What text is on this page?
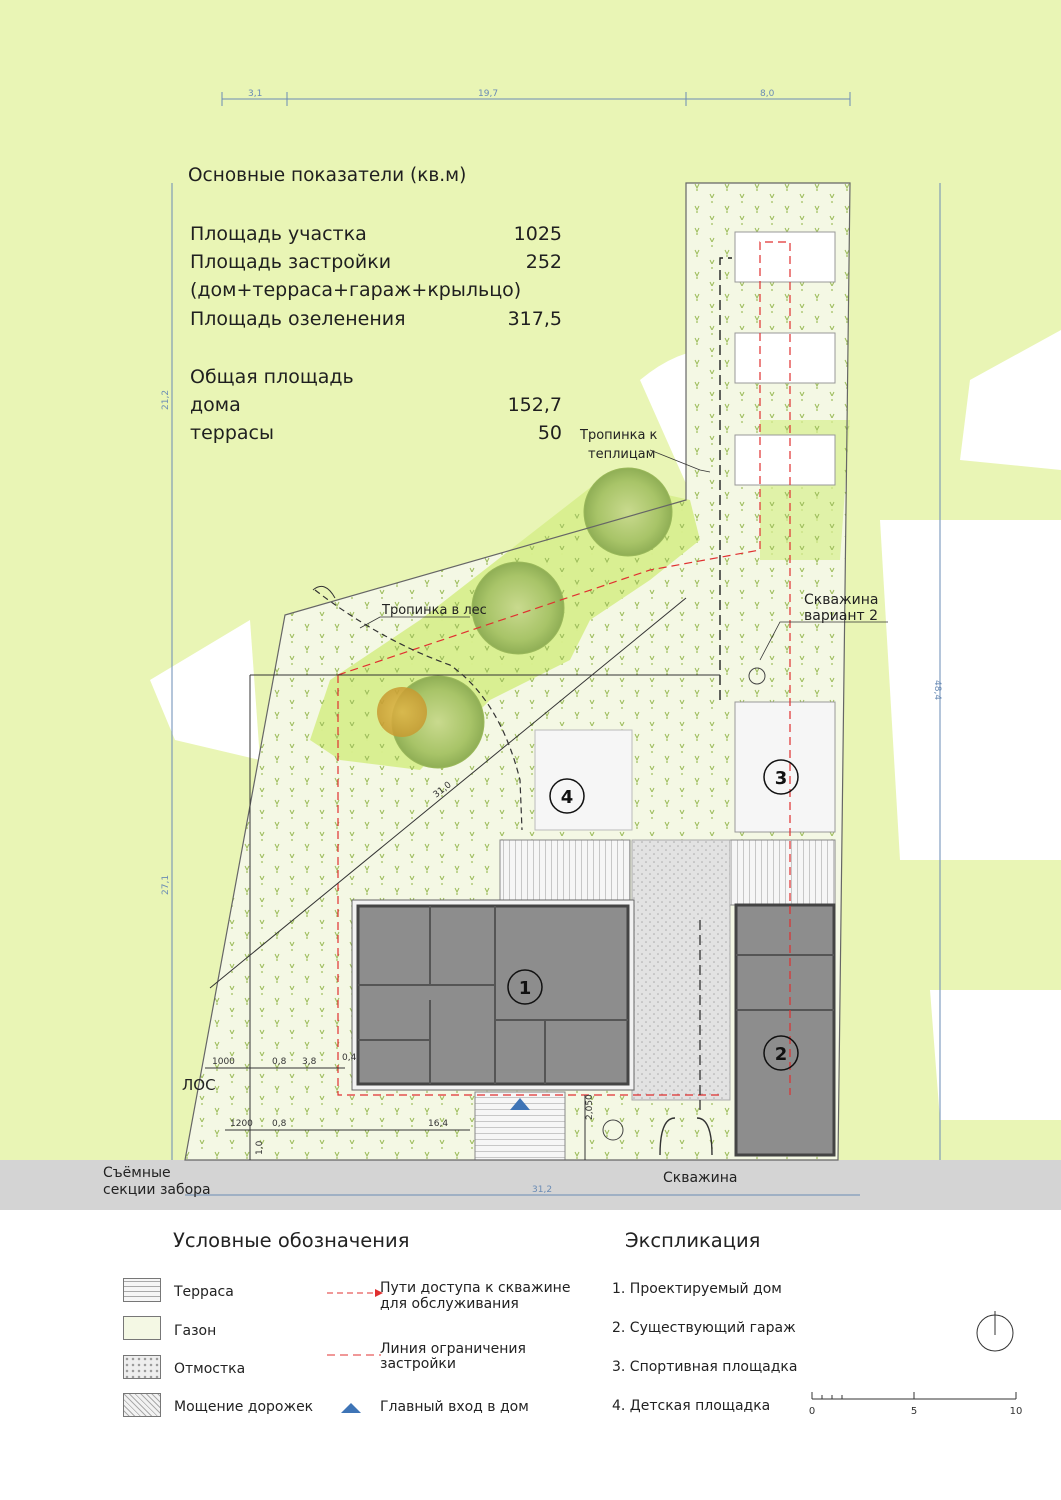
3,1	19,7	8,0
21,2
27,1
48,4
31,2
31,0
1000	0,8 3,8	0,4
1200 0,8	16,4
2,050
1,0
Тропинка к
теплицам
Тропинка в лес
Скважина
вариант 2
Скважина
ЛОС
Съёмные
секции забора
1
2
3
4
0	5	10
Основные показатели (кв.м)
Площадь участка	1025
Площадь застройки	252
(дом+терраса+гараж+крыльцо)
Площадь озеленения	317,5
Общая площадь
дома	152,7
террасы	50
Условные обозначения
Терраса
Газон
Отмостка
Мощение дорожек
Пути доступа к скважине
для обслуживания
Линия ограничения
застройки
Главный вход в дом
Экспликация
1. Проектируемый дом
2. Существующий гараж
3. Спортивная площадка
4. Детская площадка
